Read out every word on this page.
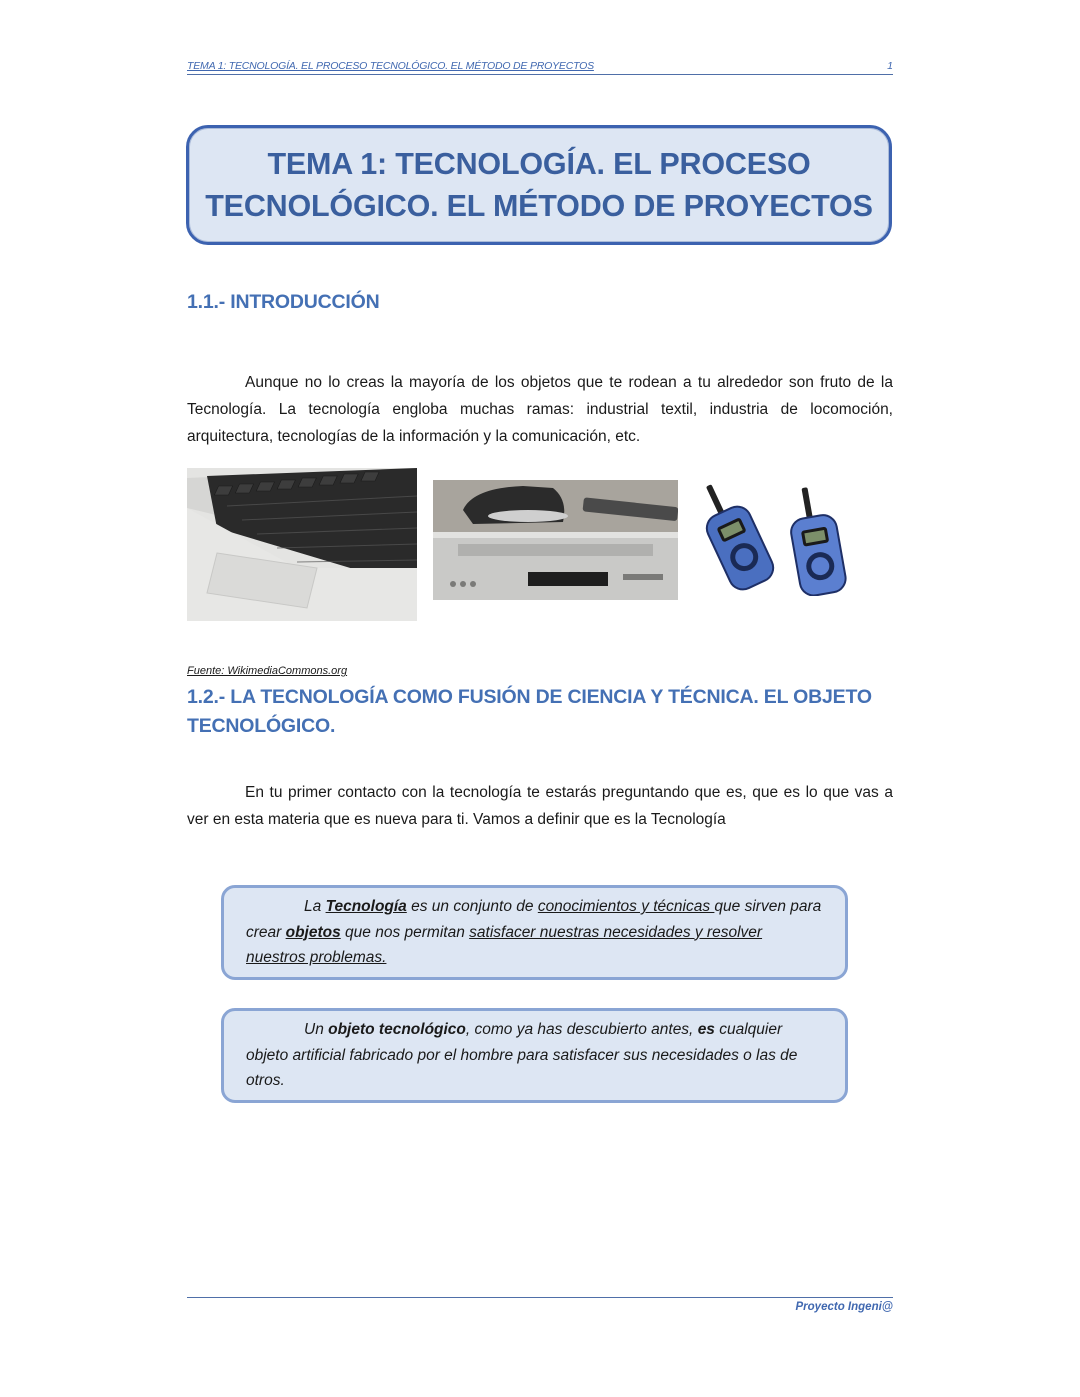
TEMA 1: TECNOLOGÍA. EL PROCESO TECNOLÓGICO. EL MÉTODO DE PROYECTOS	1
TEMA 1: TECNOLOGÍA. EL PROCESO
TECNOLÓGICO. EL MÉTODO DE PROYECTOS
1.1.- INTRODUCCIÓN
Aunque no lo creas la mayoría de los objetos que te rodean a tu alrededor son fruto de la Tecnología. La tecnología engloba muchas ramas: industrial textil, industria de locomoción, arquitectura, tecnologías de la información y la comunicación, etc.
Fuente: WikimediaCommons.org
1.2.- LA TECNOLOGÍA COMO FUSIÓN DE CIENCIA Y TÉCNICA. EL OBJETO
TECNOLÓGICO.
En tu primer contacto con la tecnología te estarás preguntando que es, que es lo que vas a ver en esta materia que es nueva para ti. Vamos a definir que es la Tecnología
La Tecnología es un conjunto de conocimientos y técnicas que sirven para crear objetos que nos permitan satisfacer nuestras necesidades y resolver nuestros problemas.
Un objeto tecnológico, como ya has descubierto antes, es cualquier objeto artificial fabricado por el hombre para satisfacer sus necesidades o las de otros.
Proyecto Ingeni@
